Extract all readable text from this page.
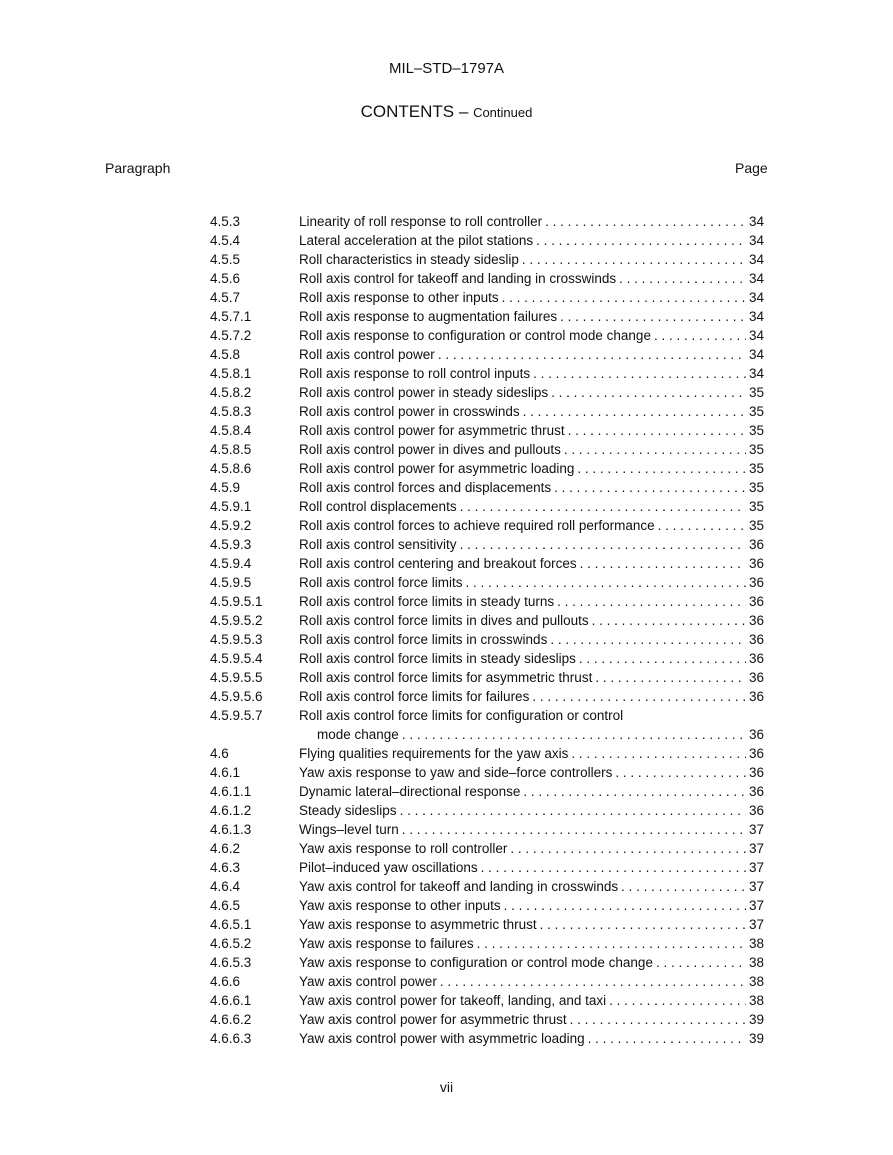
MIL–STD–1797A
CONTENTS – Continued
Paragraph	Page
4.5.3	Linearity of roll response to roll controller . . .	34
4.5.4	Lateral acceleration at the pilot stations . . .	34
4.5.5	Roll characteristics in steady sideslip . . .	34
4.5.6	Roll axis control for takeoff and landing in crosswinds . . .	34
4.5.7	Roll axis response to other inputs . . .	34
4.5.7.1	Roll axis response to augmentation failures . . .	34
4.5.7.2	Roll axis response to configuration or control mode change . . .	34
4.5.8	Roll axis control power . . .	34
4.5.8.1	Roll axis response to roll control inputs . . .	34
4.5.8.2	Roll axis control power in steady sideslips . . .	35
4.5.8.3	Roll axis control power in crosswinds . . .	35
4.5.8.4	Roll axis control power for asymmetric thrust . . .	35
4.5.8.5	Roll axis control power in dives and pullouts . . .	35
4.5.8.6	Roll axis control power for asymmetric loading . . .	35
4.5.9	Roll axis control forces and displacements . . .	35
4.5.9.1	Roll control displacements . . .	35
4.5.9.2	Roll axis control forces to achieve required roll performance . . .	35
4.5.9.3	Roll axis control sensitivity . . .	36
4.5.9.4	Roll axis control centering and breakout forces . . .	36
4.5.9.5	Roll axis control force limits . . .	36
4.5.9.5.1	Roll axis control force limits in steady turns . . .	36
4.5.9.5.2	Roll axis control force limits in dives and pullouts . . .	36
4.5.9.5.3	Roll axis control force limits in crosswinds . . .	36
4.5.9.5.4	Roll axis control force limits in steady sideslips . . .	36
4.5.9.5.5	Roll axis control force limits for asymmetric thrust . . .	36
4.5.9.5.6	Roll axis control force limits for failures . . .	36
4.5.9.5.7	Roll axis control force limits for configuration or control
mode change . . .	36
4.6	Flying qualities requirements for the yaw axis . . .	36
4.6.1	Yaw axis response to yaw and side–force controllers . . .	36
4.6.1.1	Dynamic lateral–directional response . . .	36
4.6.1.2	Steady sideslips . . .	36
4.6.1.3	Wings–level turn . . .	37
4.6.2	Yaw axis response to roll controller . . .	37
4.6.3	Pilot–induced yaw oscillations . . .	37
4.6.4	Yaw axis control for takeoff and landing in crosswinds . . .	37
4.6.5	Yaw axis response to other inputs . . .	37
4.6.5.1	Yaw axis response to asymmetric thrust . . .	37
4.6.5.2	Yaw axis response to failures . . .	38
4.6.5.3	Yaw axis response to configuration or control mode change . . .	38
4.6.6	Yaw axis control power . . .	38
4.6.6.1	Yaw axis control power for takeoff, landing, and taxi . . .	38
4.6.6.2	Yaw axis control power for asymmetric thrust . . .	39
4.6.6.3	Yaw axis control power with asymmetric loading . . .	39
vii
